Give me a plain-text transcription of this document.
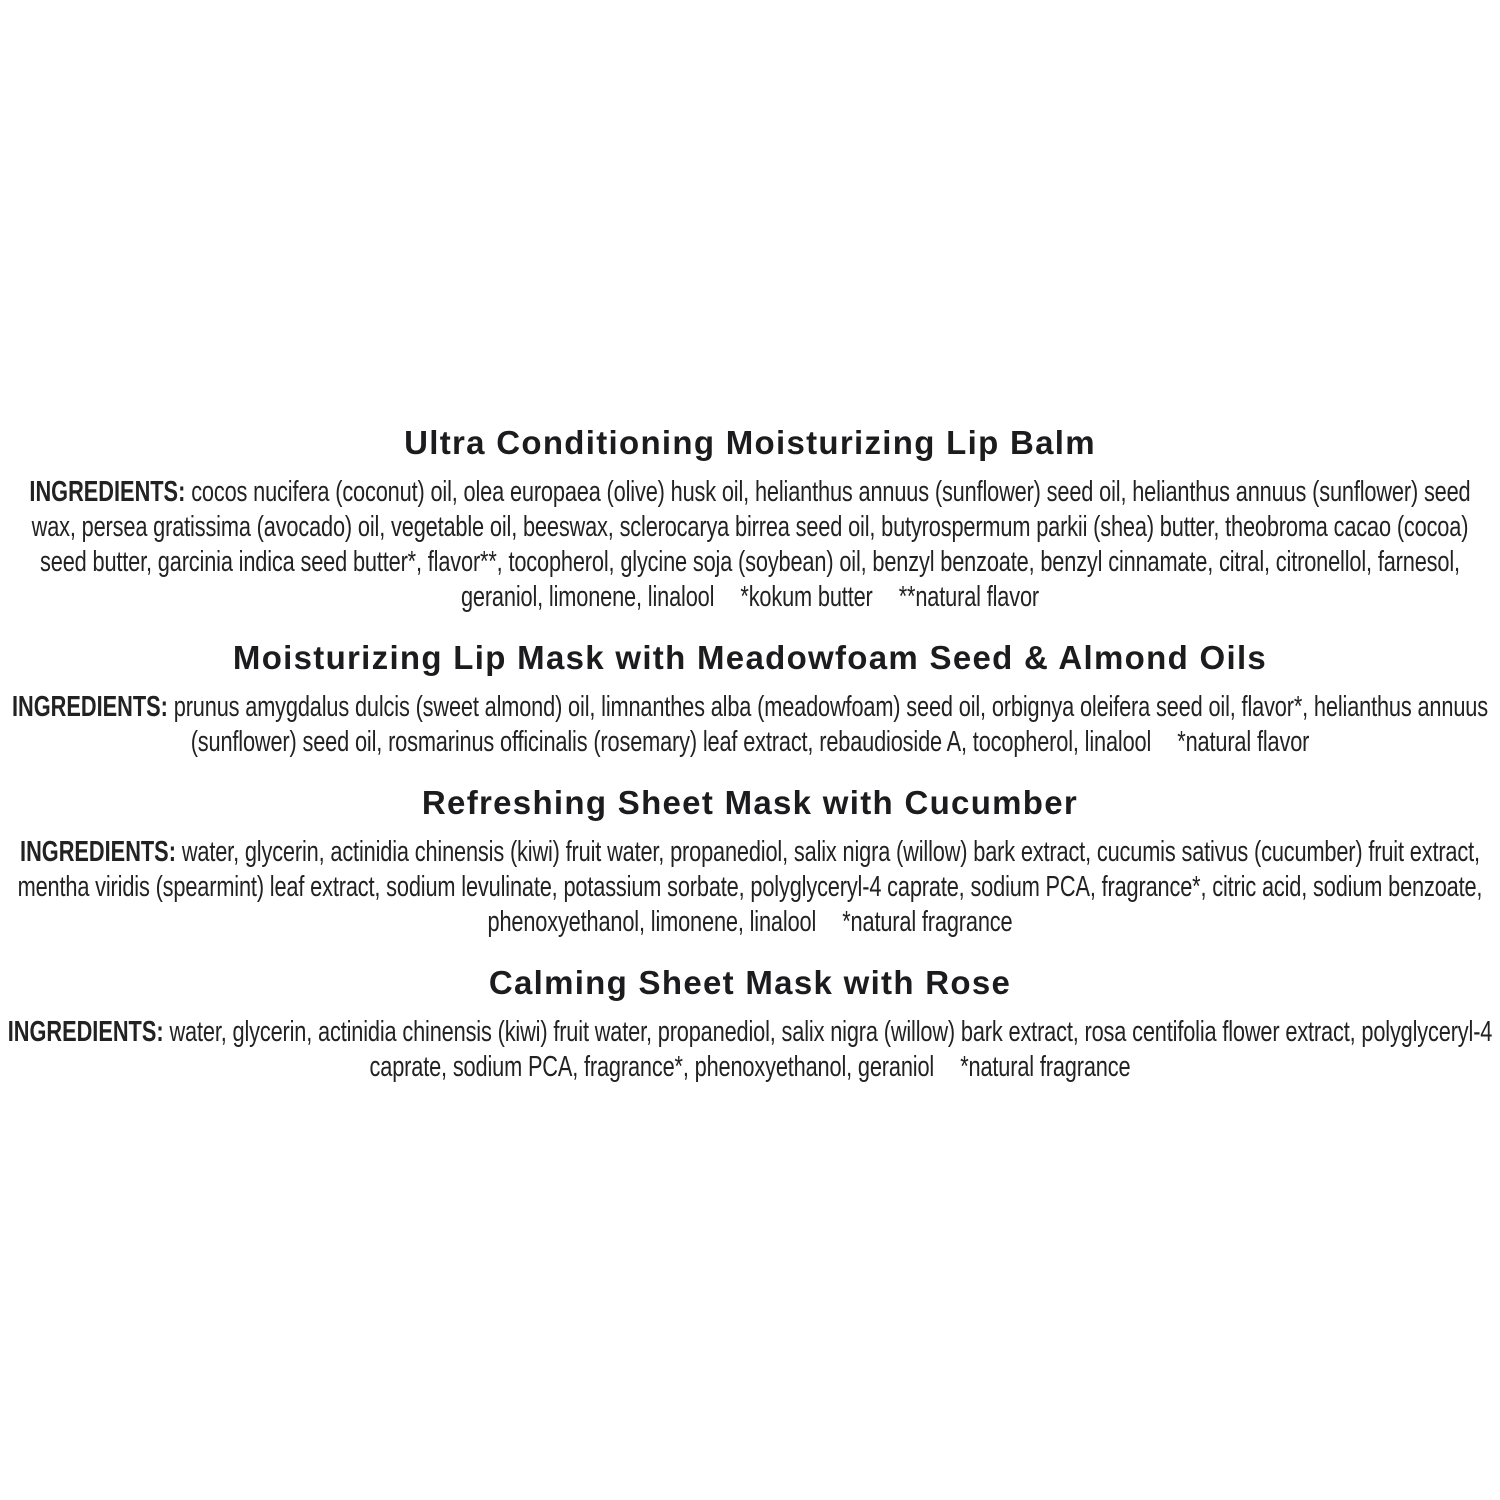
Ultra Conditioning Moisturizing Lip Balm

INGREDIENTS: cocos nucifera (coconut) oil, olea europaea (olive) husk oil, helianthus annuus (sunflower) seed oil, helianthus annuus (sunflower) seed wax, persea gratissima (avocado) oil, vegetable oil, beeswax, sclerocarya birrea seed oil, butyrospermum parkii (shea) butter, theobroma cacao (cocoa) seed butter, garcinia indica seed butter*, flavor**, tocopherol, glycine soja (soybean) oil, benzyl benzoate, benzyl cinnamate, citral, citronellol, farnesol, geraniol, limonene, linalool *kokum butter **natural flavor

Moisturizing Lip Mask with Meadowfoam Seed & Almond Oils

INGREDIENTS: prunus amygdalus dulcis (sweet almond) oil, limnanthes alba (meadowfoam) seed oil, orbignya oleifera seed oil, flavor*, helianthus annuus (sunflower) seed oil, rosmarinus officinalis (rosemary) leaf extract, rebaudioside A, tocopherol, linalool *natural flavor

Refreshing Sheet Mask with Cucumber

INGREDIENTS: water, glycerin, actinidia chinensis (kiwi) fruit water, propanediol, salix nigra (willow) bark extract, cucumis sativus (cucumber) fruit extract, mentha viridis (spearmint) leaf extract, sodium levulinate, potassium sorbate, polyglyceryl-4 caprate, sodium PCA, fragrance*, citric acid, sodium benzoate, phenoxyethanol, limonene, linalool *natural fragrance

Calming Sheet Mask with Rose

INGREDIENTS: water, glycerin, actinidia chinensis (kiwi) fruit water, propanediol, salix nigra (willow) bark extract, rosa centifolia flower extract, polyglyceryl-4 caprate, sodium PCA, fragrance*, phenoxyethanol, geraniol *natural fragrance
